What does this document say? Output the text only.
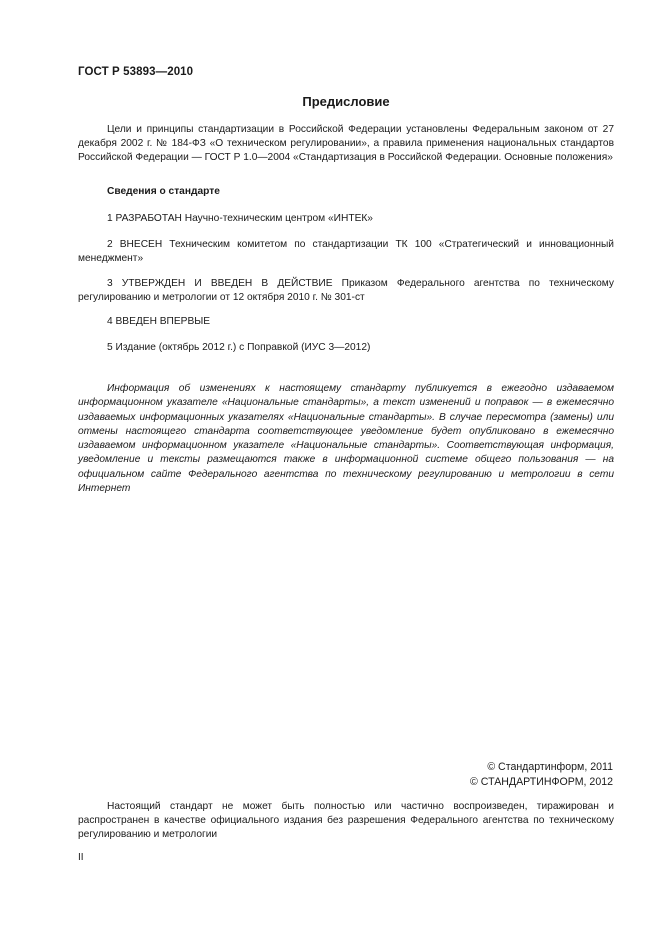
ГОСТ Р 53893—2010
Предисловие
Цели и принципы стандартизации в Российской Федерации установлены Федеральным законом от 27 декабря 2002 г. № 184-ФЗ «О техническом регулировании», а правила применения национальных стандартов Российской Федерации — ГОСТ Р 1.0—2004 «Стандартизация в Российской Федерации. Основные положения»
Сведения о стандарте
1 РАЗРАБОТАН Научно-техническим центром «ИНТЕК»
2 ВНЕСЕН Техническим комитетом по стандартизации ТК 100 «Стратегический и инновационный менеджмент»
3 УТВЕРЖДЕН И ВВЕДЕН В ДЕЙСТВИЕ Приказом Федерального агентства по техническому регулированию и метрологии от 12 октября 2010 г. № 301-ст
4 ВВЕДЕН ВПЕРВЫЕ
5 Издание (октябрь 2012 г.) с Поправкой (ИУС 3—2012)
Информация об изменениях к настоящему стандарту публикуется в ежегодно издаваемом информационном указателе «Национальные стандарты», а текст изменений и поправок — в ежемесячно издаваемых информационных указателях «Национальные стандарты». В случае пересмотра (замены) или отмены настоящего стандарта соответствующее уведомление будет опубликовано в ежемесячно издаваемом информационном указателе «Национальные стандарты». Соответствующая информация, уведомление и тексты размещаются также в информационной системе общего пользования — на официальном сайте Федерального агентства по техническому регулированию и метрологии в сети Интернет
© Стандартинформ, 2011
© СТАНДАРТИНФОРМ, 2012
Настоящий стандарт не может быть полностью или частично воспроизведен, тиражирован и распространен в качестве официального издания без разрешения Федерального агентства по техническому регулированию и метрологии
II
